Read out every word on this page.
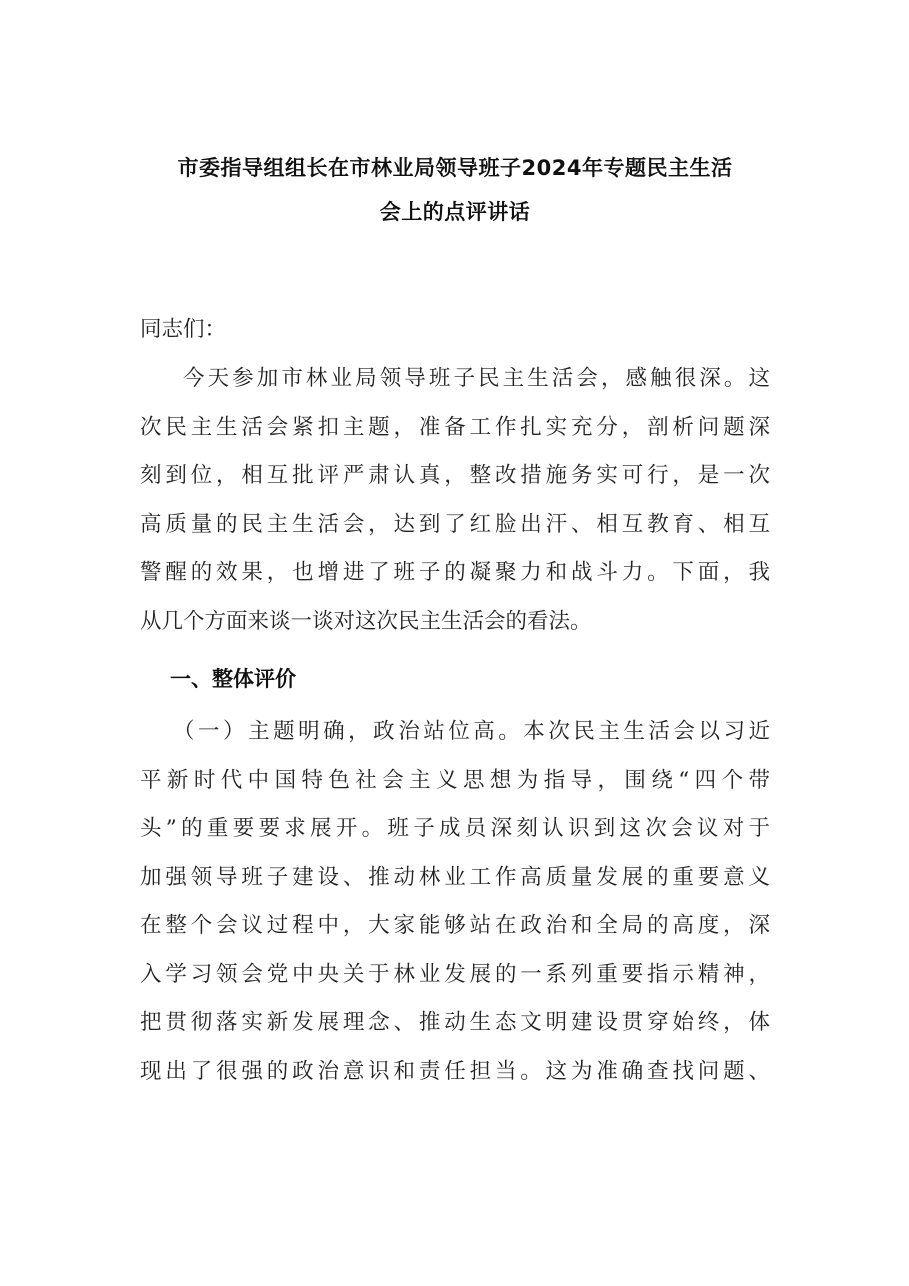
市委指导组组长在市林业局领导班子2024年专题民主生活
会上的点评讲话
同志们：
今天参加市林业局领导班子民主生活会，感触很深。这
次民主生活会紧扣主题，准备工作扎实充分，剖析问题深
刻到位，相互批评严肃认真，整改措施务实可行，是一次
高质量的民主生活会，达到了红脸出汗、相互教育、相互
警醒的效果，也增进了班子的凝聚力和战斗力。下面，我
从几个方面来谈一谈对这次民主生活会的看法。
一、整体评价
（一）主题明确，政治站位高。本次民主生活会以习近
平新时代中国特色社会主义思想为指导，围绕“四个带
头”的重要要求展开。班子成员深刻认识到这次会议对于
加强领导班子建设、推动林业工作高质量发展的重要意义
在整个会议过程中，大家能够站在政治和全局的高度，深
入学习领会党中央关于林业发展的一系列重要指示精神，
把贯彻落实新发展理念、推动生态文明建设贯穿始终，体
现出了很强的政治意识和责任担当。这为准确查找问题、
